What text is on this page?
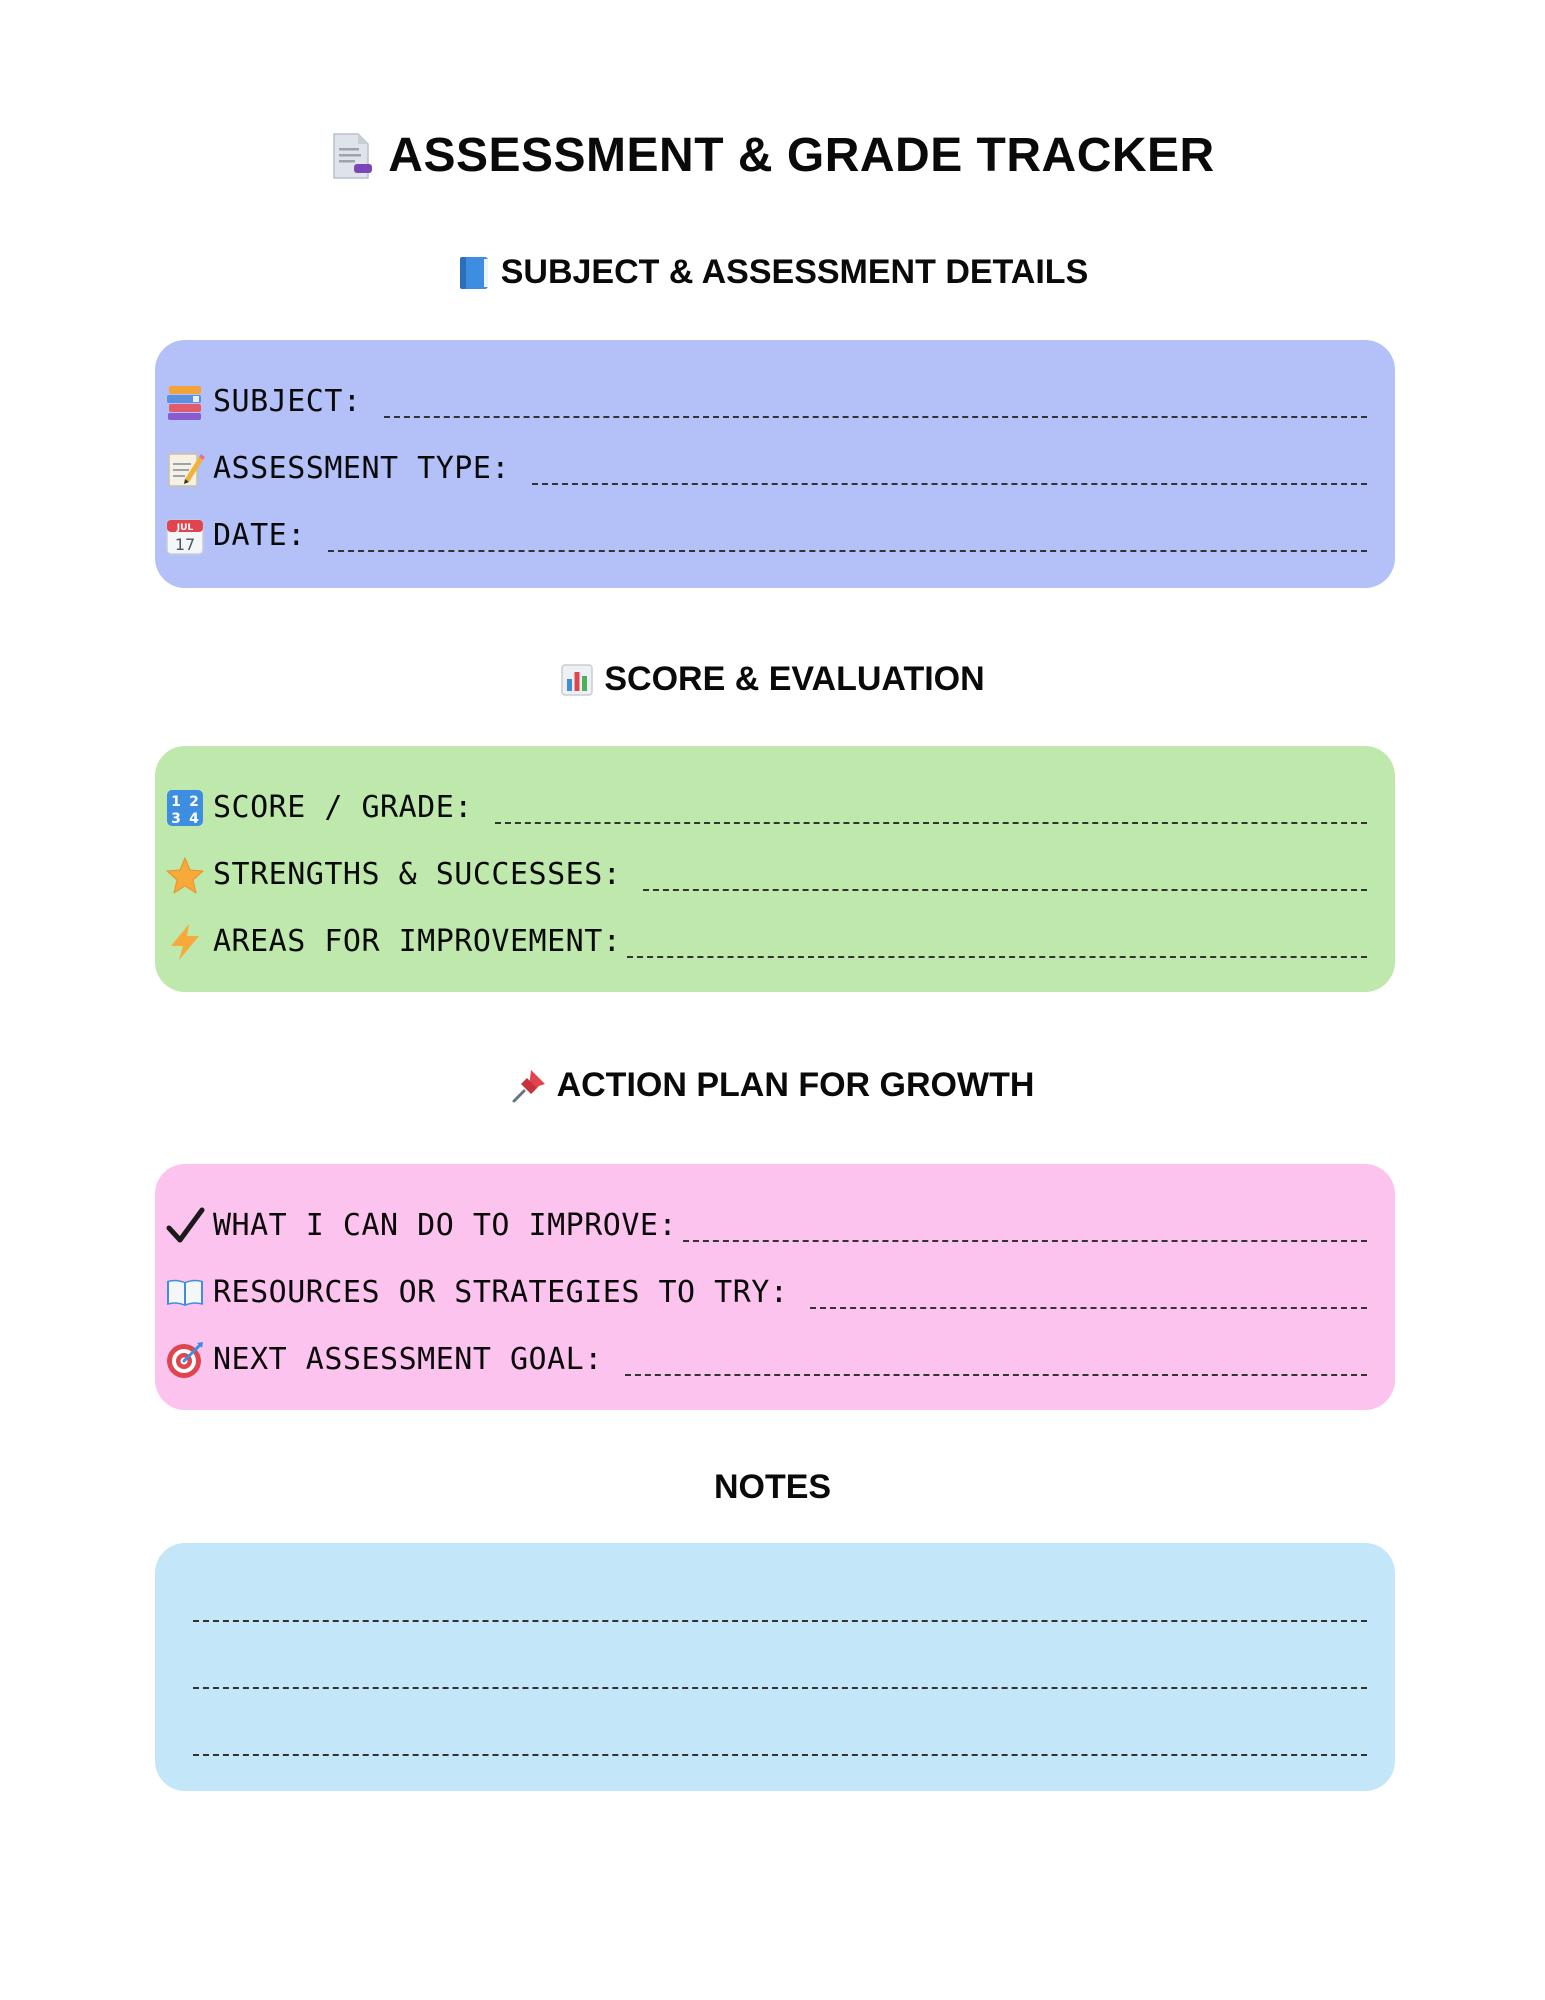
ASSESSMENT & GRADE TRACKER
SUBJECT & ASSESSMENT DETAILS
SUBJECT:
ASSESSMENT TYPE:
JUL
17 DATE:
SCORE & EVALUATION
1 2
3 4 SCORE / GRADE:
STRENGTHS & SUCCESSES:
AREAS FOR IMPROVEMENT:
ACTION PLAN FOR GROWTH
WHAT I CAN DO TO IMPROVE:
RESOURCES OR STRATEGIES TO TRY:
NEXT ASSESSMENT GOAL:
NOTES
